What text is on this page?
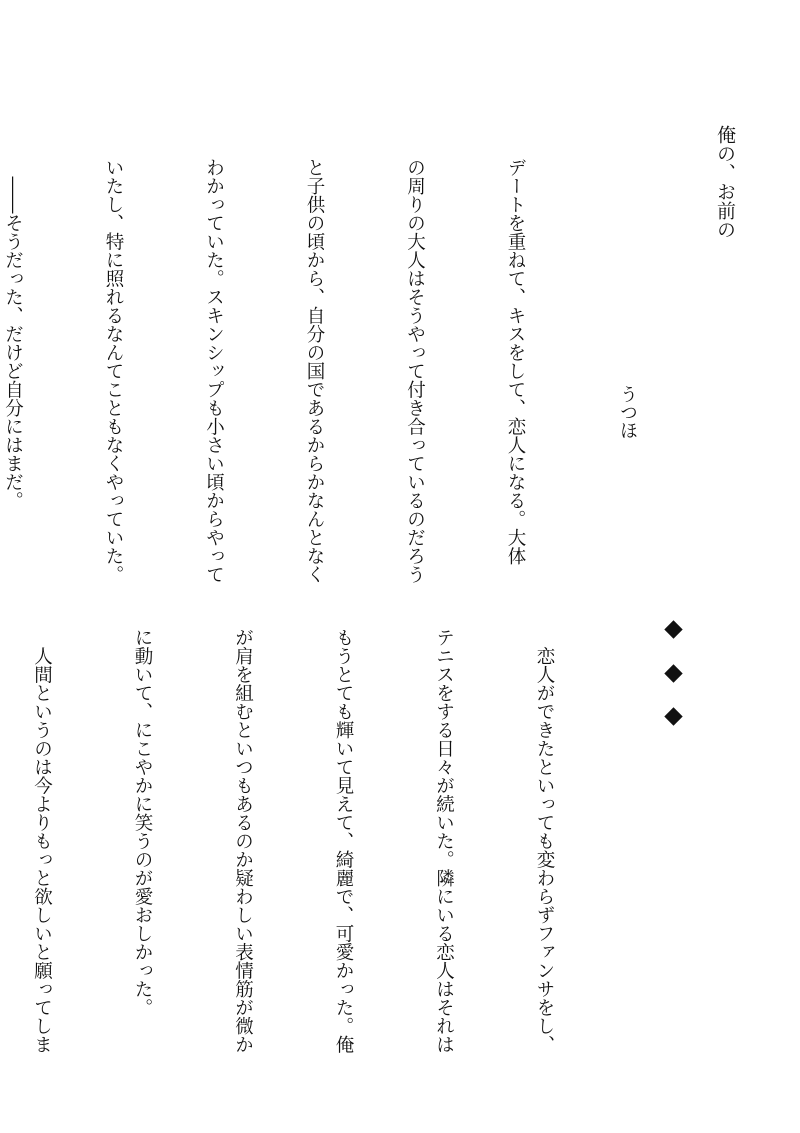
俺の、お前の
うつほ

デートを重ねて、キスをして、恋人になる。大体

の周りの大人はそうやって付き合っているのだろう

と子供の頃から、自分の国であるからかなんとなく

わかっていた。スキンシップも小さい頃からやって

いたし、特に照れるなんてこともなくやっていた。

　――そうだった、だけど自分にはまだ。

　恋人ができたといっても変わらずファンサをし、

テニスをする日々が続いた。隣にいる恋人はそれは

もうとても輝いて見えて、綺麗で、可愛かった。俺

が肩を組むといつもあるのか疑わしい表情筋が微か

に動いて、にこやかに笑うのが愛おしかった。

　人間というのは今よりもっと欲しいと願ってしま
